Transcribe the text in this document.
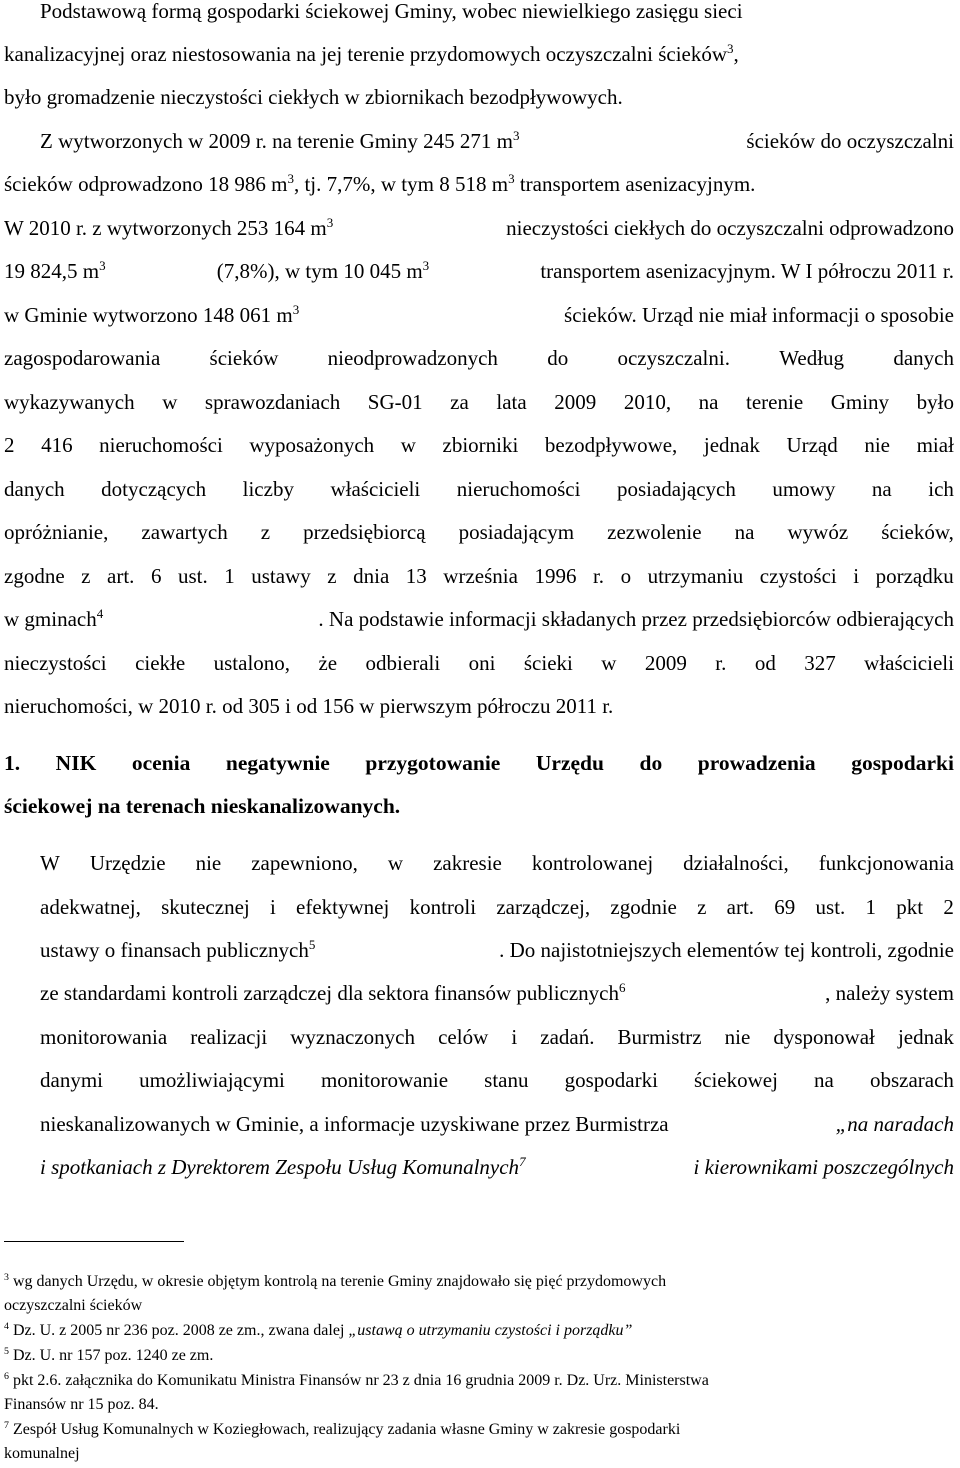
Podstawową formą gospodarki ściekowej Gminy, wobec niewielkiego zasięgu sieci
kanalizacyjnej oraz niestosowania na jej terenie przydomowych oczyszczalni ścieków$^3$,
było gromadzenie nieczystości ciekłych w zbiornikach bezodpływowych.
Z wytworzonych w 2009 r. na terenie Gminy 245 271 $m^3$	ścieków do oczyszczalni
ścieków odprowadzono 18 986 $m^3$, tj. 7,7%, w tym 8 518 $m^3$ transportem asenizacyjnym.
W 2010 r. z wytworzonych 253 164 $m^3$	nieczystości ciekłych do oczyszczalni odprowadzono
19 824,5 $m^3$	(7,8%), w tym 10 045 $m^3$	transportem asenizacyjnym. W I półroczu 2011 r.
w Gminie wytworzono 148 061 $m^3$	ścieków. Urząd nie miał informacji o sposobie
zagospodarowania ścieków nieodprowadzonych do oczyszczalni. Według danych
wykazywanych w sprawozdaniach SG-01 za lata 2009 2010, na terenie Gminy było
2 416 nieruchomości wyposażonych w zbiorniki bezodpływowe, jednak Urząd nie miał
danych dotyczących liczby właścicieli nieruchomości posiadających umowy na ich
opróżnianie, zawartych z przedsiębiorcą posiadającym zezwolenie na wywóz ścieków,
zgodne z art. 6 ust. 1 ustawy z dnia 13 września 1996 r. o utrzymaniu czystości i porządku
w gminach$^4$	. Na podstawie informacji składanych przez przedsiębiorców odbierających
nieczystości ciekłe ustalono, że odbierali oni ścieki w 2009 r. od 327 właścicieli
nieruchomości, w 2010 r. od 305 i od 156 w pierwszym półroczu 2011 r.
1. NIK ocenia negatywnie przygotowanie Urzędu do prowadzenia gospodarki
ściekowej na terenach nieskanalizowanych.
W Urzędzie nie zapewniono, w zakresie kontrolowanej działalności, funkcjonowania
adekwatnej, skutecznej i efektywnej kontroli zarządczej, zgodnie z art. 69 ust. 1 pkt 2
ustawy o finansach publicznych$^5$	. Do najistotniejszych elementów tej kontroli, zgodnie
ze standardami kontroli zarządczej dla sektora finansów publicznych$^6$	, należy system
monitorowania realizacji wyznaczonych celów i zadań. Burmistrz nie dysponował jednak
danymi umożliwiającymi monitorowanie stanu gospodarki ściekowej na obszarach
nieskanalizowanych w Gminie, a informacje uzyskiwane przez Burmistrza	„na naradach
i spotkaniach z Dyrektorem Zespołu Usług Komunalnych$^7$	i kierownikami poszczególnych
$^3$ wg danych Urzędu, w okresie objętym kontrolą na terenie Gminy znajdowało się pięć przydomowych
oczyszczalni ścieków
$^4$ Dz. U. z 2005 nr 236 poz. 2008 ze zm., zwana dalej „ustawą o utrzymaniu czystości i porządku”
$^5$ Dz. U. nr 157 poz. 1240 ze zm.
$^6$ pkt 2.6. załącznika do Komunikatu Ministra Finansów nr 23 z dnia 16 grudnia 2009 r. Dz. Urz. Ministerstwa
Finansów nr 15 poz. 84.
$^7$ Zespół Usług Komunalnych w Koziegłowach, realizujący zadania własne Gminy w zakresie gospodarki
komunalnej
